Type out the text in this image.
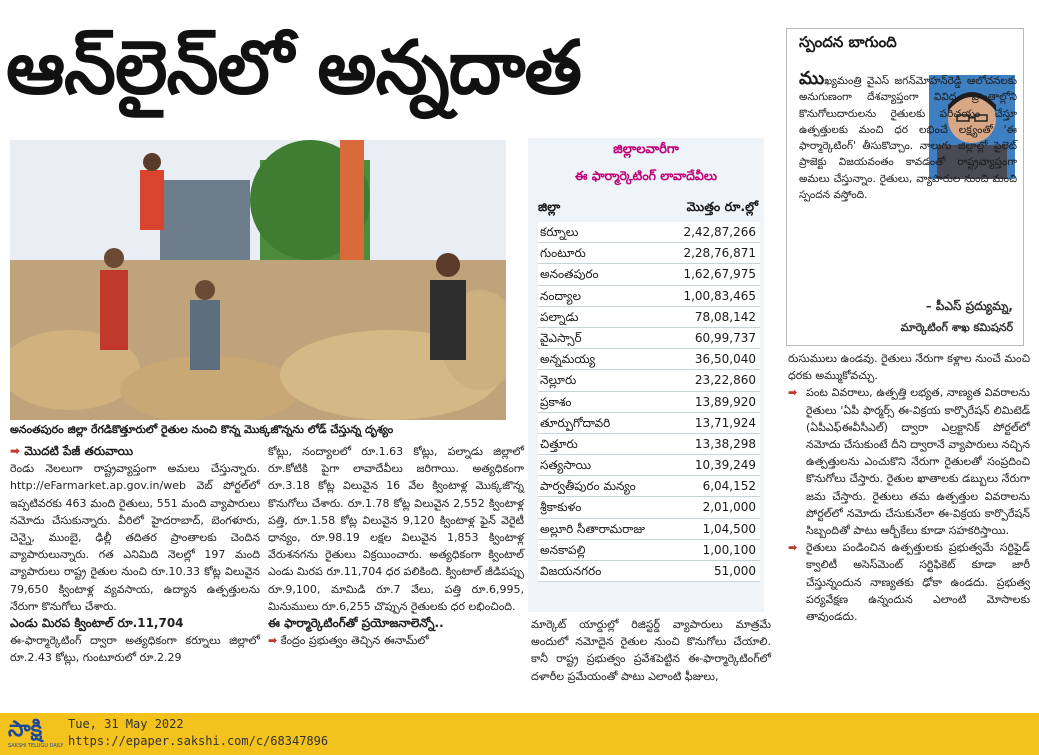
ఆన్‌లైన్‌లో అన్నదాత
అనంతపురం జిల్లా రేగడికొత్తూరులో రైతుల నుంచి కొన్న మొక్కజొన్నను లోడ్‌ చేస్తున్న దృశ్యం

➡ మొదటి పేజీ తరువాయి

రెండు నెలలుగా రాష్ట్రవ్యాప్తంగా అమలు చేస్తున్నారు. http://eFarmarket.ap.gov.in/web వెబ్‌ పోర్టల్‌లో ఇప్పటివరకు 463 మంది రైతులు, 551 మంది వ్యాపారులు నమోదు చేసుకున్నారు. వీరిలో హైదరాబాద్‌, బెంగళూరు, చెన్నై, ముంబై, ఢిల్లీ తదితర ప్రాంతాలకు చెందిన వ్యాపారులున్నారు. గత ఎనిమిది నెలల్లో 197 మంది వ్యాపారులు రాష్ట్ర రైతుల నుంచి రూ.10.33 కోట్ల విలువైన 79,650 క్వింటాళ్ల వ్యవసాయ, ఉద్యాన ఉత్పత్తులను నేరుగా కొనుగోలు చేశారు.

ఎండు మిరప క్వింటాల్‌ రూ.11,704

ఈ-ఫార్మార్కెటింగ్‌ ద్వారా అత్యధికంగా కర్నూలు జిల్లాలో రూ.2.43 కోట్లు, గుంటూరులో రూ.2.29

కోట్లు, నంద్యాలలో రూ.1.63 కోట్లు, పల్నాడు జిల్లాలో రూ.కోటికి పైగా లావాదేవీలు జరిగాయి. అత్యధికంగా రూ.3.18 కోట్ల విలువైన 16 వేల క్వింటాళ్ల మొక్కజొన్న కొనుగోలు చేశారు. రూ.1.78 కోట్ల విలువైన 2,552 క్వింటాళ్ల పత్తి, రూ.1.58 కోట్ల విలువైన 9,120 క్వింటాళ్ల ఫైన్‌ వెరైటీ ధాన్యం, రూ.98.19 లక్షల విలువైన 1,853 క్వింటాళ్ల వేరుశనగను రైతులు విక్రయించారు. అత్యధికంగా క్వింటాల్‌ ఎండు మిరప రూ.11,704 ధర పలికింది. క్వింటాల్‌ జీడిపప్పు రూ.9,100, మామిడి రూ.7 వేలు, పత్తి రూ.6,995, మినుములు రూ.6,255 చొప్పున రైతులకు ధర లభించింది.

ఈ ఫార్మార్కెటింగ్‌తో ప్రయోజనాలెన్నో..

➡ కేంద్రం ప్రభుత్వం తెచ్చిన ఈనామ్‌లో

మార్కెట్‌ యార్డుల్లో రిజిస్టర్డ్‌ వ్యాపారులు మాత్రమే అందులో నమోదైన రైతుల నుంచి కొనుగోలు చేయాలి. కానీ రాష్ట్ర ప్రభుత్వం ప్రవేశపెట్టిన ఈ-ఫార్మార్కెటింగ్‌లో దళారీల ప్రమేయంతో పాటు ఎలాంటి ఫీజులు,

రుసుములు ఉండవు. రైతులు నేరుగా కళ్లాల నుంచే మంచి ధరకు అమ్ముకోవచ్చు.

➡ పంట వివరాలు, ఉత్పత్తి లభ్యత, నాణ్యత వివరాలను రైతులు 'ఏపీ ఫార్మర్స్‌ ఈ-విక్రయ కార్పొరేషన్‌ లిమిటెడ్‌ (ఏపీఎఫ్‌ఈవీసీఎల్‌) ద్వారా ఎల్రక్టానిక్‌ పోర్టల్‌లో నమోదు చేసుకుంటే దీని ద్వారానే వ్యాపారులు నచ్చిన ఉత్పత్తులను ఎంచుకొని నేరుగా రైతులతో సంప్రదించి కొనుగోలు చేస్తారు. రైతుల ఖాతాలకు డబ్బులు నేరుగా జమ చేస్తారు. రైతులు తమ ఉత్పత్తుల వివరాలను పోర్టల్‌లో నమోదు చేసుకునేలా ఈ-విక్రయ కార్పొరేషన్‌ సిబ్బందితో పాటు ఆర్బీకేలు కూడా సహకరిస్తాయి.
➡ రైతులు పండించిన ఉత్పత్తులకు ప్రభుత్వమే సర్టిఫైడ్‌ క్వాలిటీ అసెస్‌మెంట్‌ సర్టిఫికెట్‌ కూడా జారీ చేస్తున్నందున నాణ్యతకు ఢోకా ఉండదు. ప్రభుత్వ పర్యవేక్షణ ఉన్నందున ఎలాంటి మోసాలకు తావుండదు.
జిల్లాలవారీగా
ఈ ఫార్మార్కెటింగ్‌ లావాదేవీలు
జిల్లా	మొత్తం రూ.ల్లో
కర్నూలు	2,42,87,266
గుంటూరు	2,28,76,871
అనంతపురం	1,62,67,975
నంద్యాల	1,00,83,465
పల్నాడు	78,08,142
వైఎస్సార్‌	60,99,737
అన్నమయ్య	36,50,040
నెల్లూరు	23,22,860
ప్రకాశం	13,89,920
తూర్పుగోదావరి	13,71,924
చిత్తూరు	13,38,298
సత్యసాయి	10,39,249
పార్వతీపురం మన్యం	6,04,152
శ్రీకాకుళం	2,01,000
అల్లూరి సీతారామరాజు	1,04,500
అనకాపల్లి	1,00,100
విజయనగరం	51,000
స్పందన బాగుంది
ముఖ్యమంత్రి వైఎస్‌ జగన్‌మోహన్‌రెడ్డి ఆలోచనలకు అనుగుణంగా దేశవ్యాప్తంగా వివిధ ప్రాంతాల్లోని కొనుగోలుదారులను రైతులకు పరిచయం చేస్తూ ఉత్పత్తులకు మంచి ధర లభించే లక్ష్యంతో 'ఈ ఫార్మార్కెటింగ్‌' తీసుకొచ్చాం. నాలుగు జిల్లాల్లో పైలెట్‌ ప్రాజెక్టు విజయవంతం కావడంతో రాష్ట్రవ్యాప్తంగా అమలు చేస్తున్నాం. రైతులు, వ్యాపారుల నుంచి మంచి స్పందన వస్తోంది.
– పీఎస్‌ ప్రద్యుమ్న,
మార్కెటింగ్‌ శాఖ కమిషనర్‌
సాక్షి
SAKSHI TELUGU DAILY
Tue, 31 May 2022
https://epaper.sakshi.com/c/68347896
